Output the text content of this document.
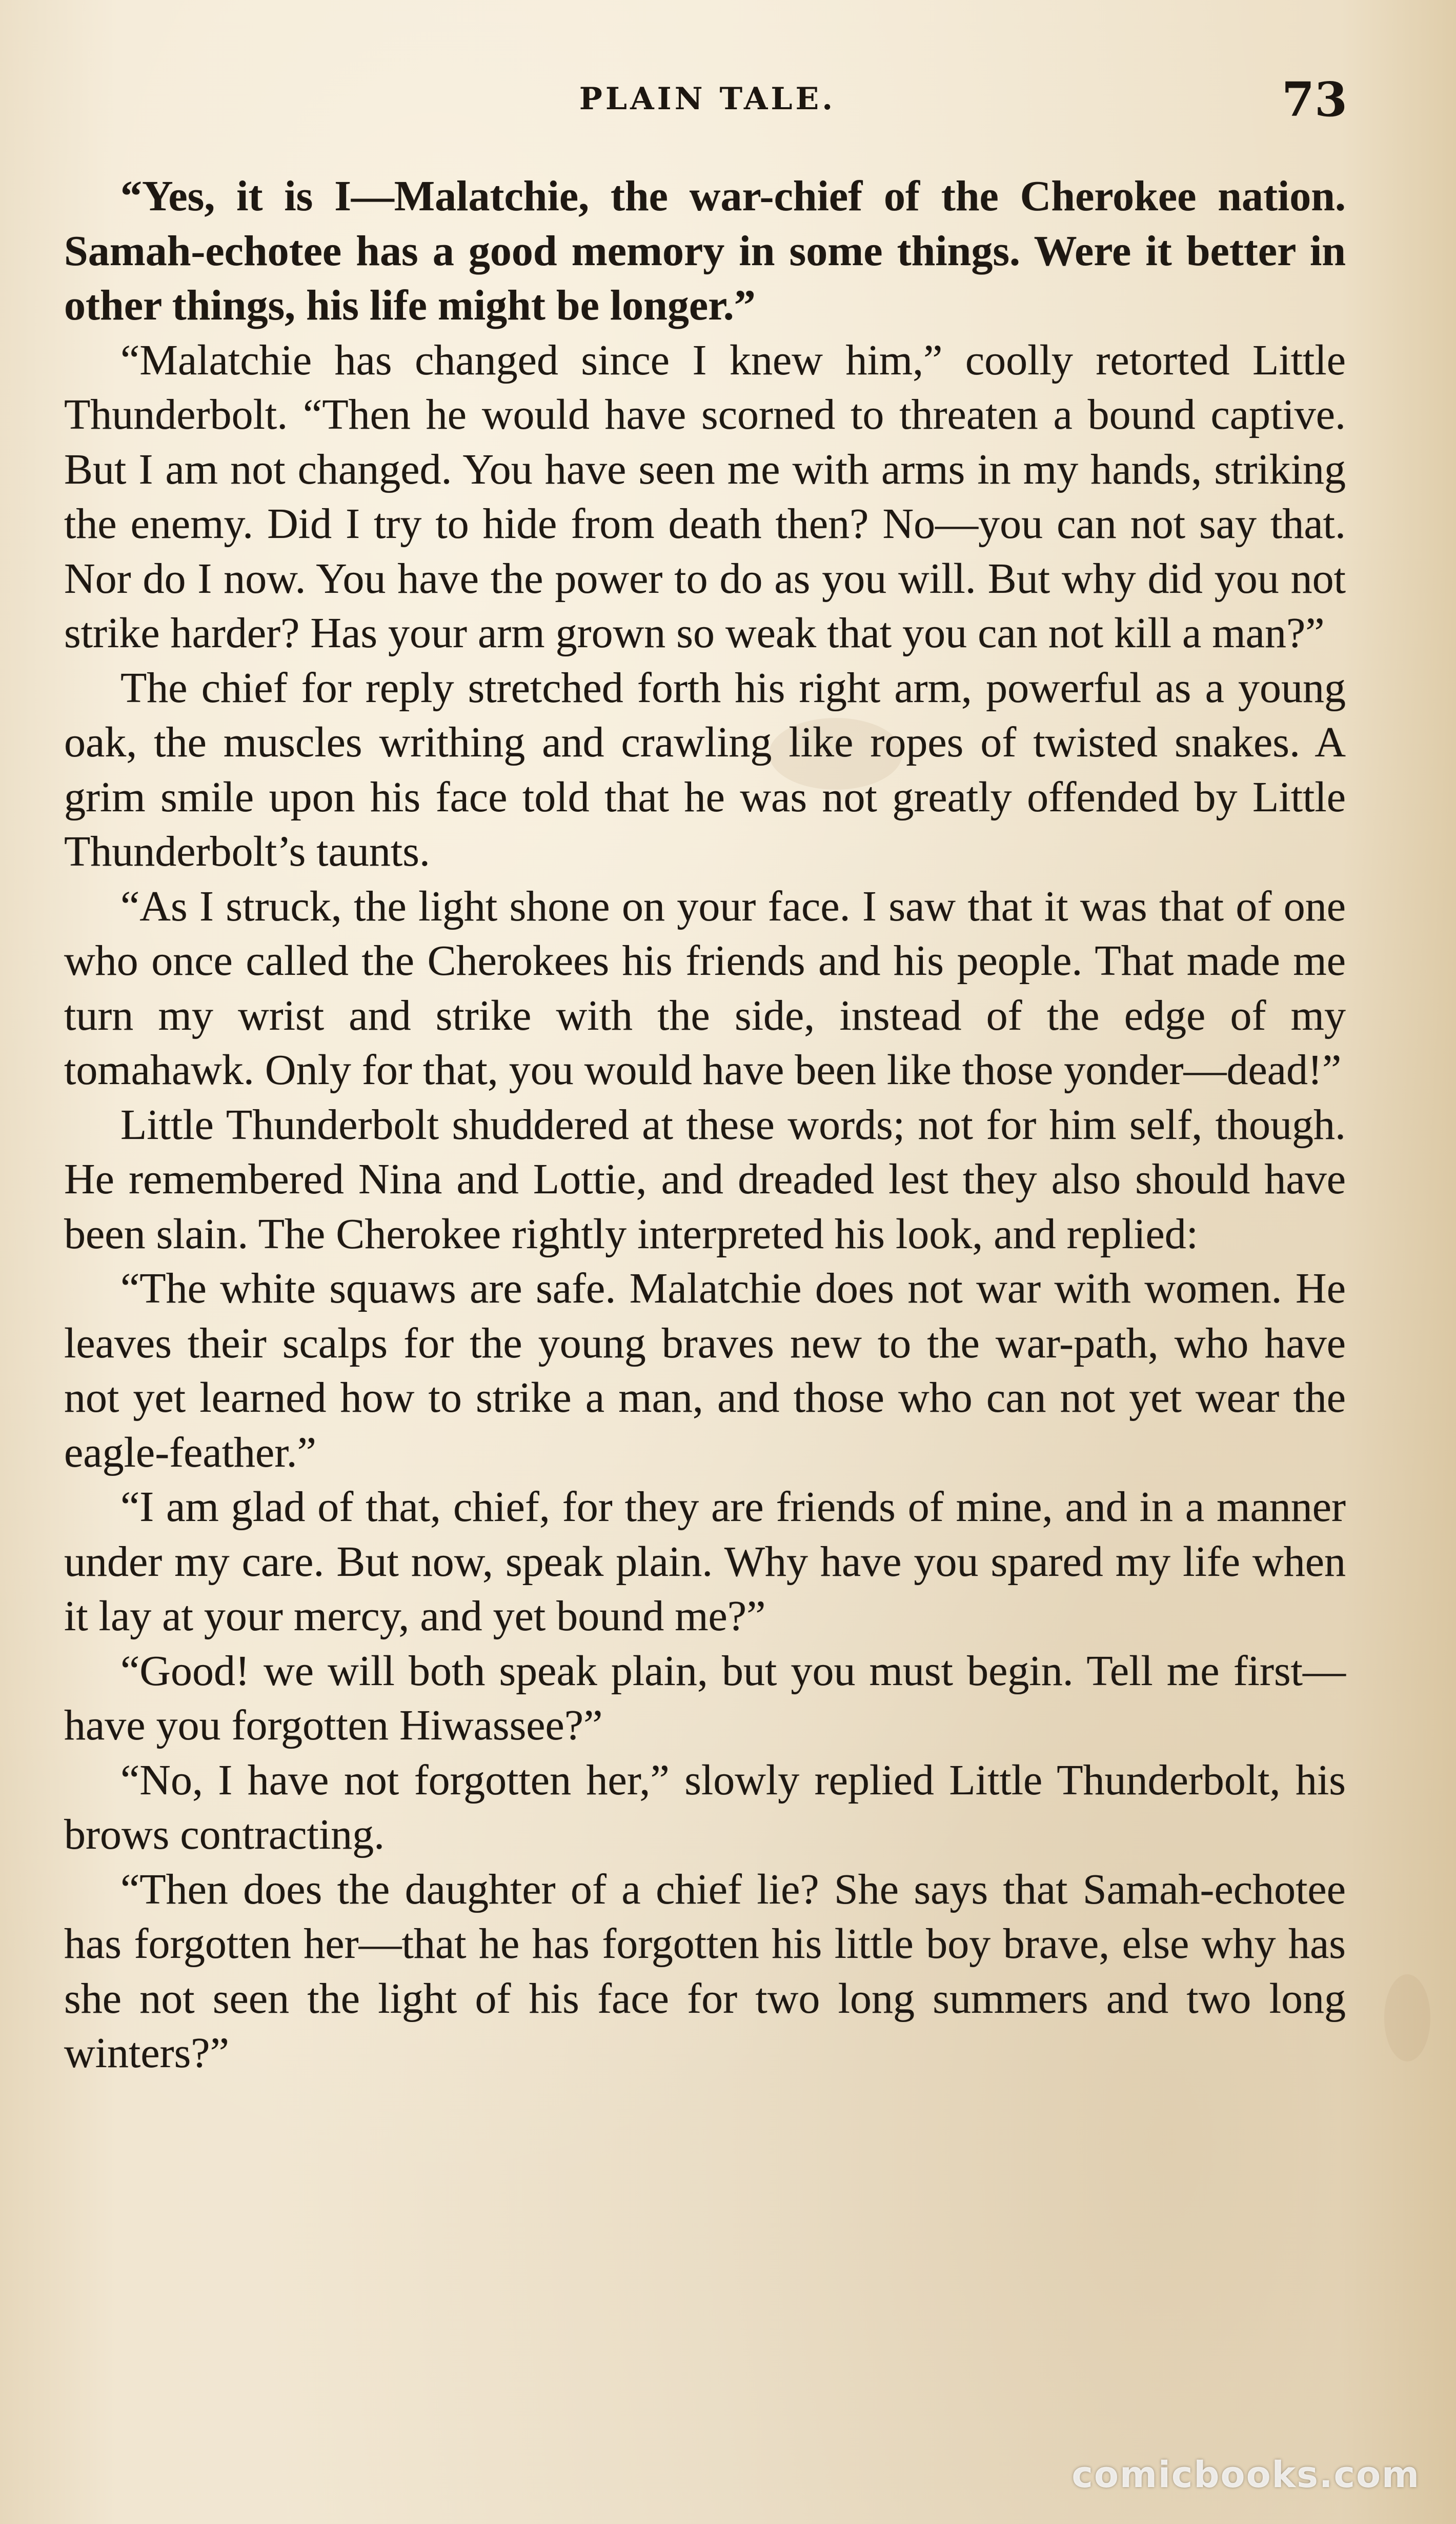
PLAIN TALE.	73

“Yes, it is I—Malatchie, the war-chief of the Cherokee nation. Samah-echotee has a good memory in some things. Were it better in other things, his life might be longer.”

“Malatchie has changed since I knew him,” coolly retorted Little Thunderbolt. “Then he would have scorned to threaten a bound captive. But I am not changed. You have seen me with arms in my hands, striking the enemy. Did I try to hide from death then? No—you can not say that. Nor do I now. You have the power to do as you will. But why did you not strike harder? Has your arm grown so weak that you can not kill a man?”

The chief for reply stretched forth his right arm, powerful as a young oak, the muscles writhing and crawling like ropes of twisted snakes. A grim smile upon his face told that he was not greatly offended by Little Thunderbolt’s taunts.

“As I struck, the light shone on your face. I saw that it was that of one who once called the Cherokees his friends and his people. That made me turn my wrist and strike with the side, instead of the edge of my tomahawk. Only for that, you would have been like those yonder—dead!”

Little Thunderbolt shuddered at these words; not for him self, though. He remembered Nina and Lottie, and dreaded lest they also should have been slain. The Cherokee rightly interpreted his look, and replied:

“The white squaws are safe. Malatchie does not war with women. He leaves their scalps for the young braves new to the war-path, who have not yet learned how to strike a man, and those who can not yet wear the eagle-feather.”

“I am glad of that, chief, for they are friends of mine, and in a manner under my care. But now, speak plain. Why have you spared my life when it lay at your mercy, and yet bound me?”

“Good! we will both speak plain, but you must begin. Tell me first—have you forgotten Hiwassee?”

“No, I have not forgotten her,” slowly replied Little Thunderbolt, his brows contracting.

“Then does the daughter of a chief lie? She says that Samah-echotee has forgotten her—that he has forgotten his little boy brave, else why has she not seen the light of his face for two long summers and two long winters?”

comicbooks.com
